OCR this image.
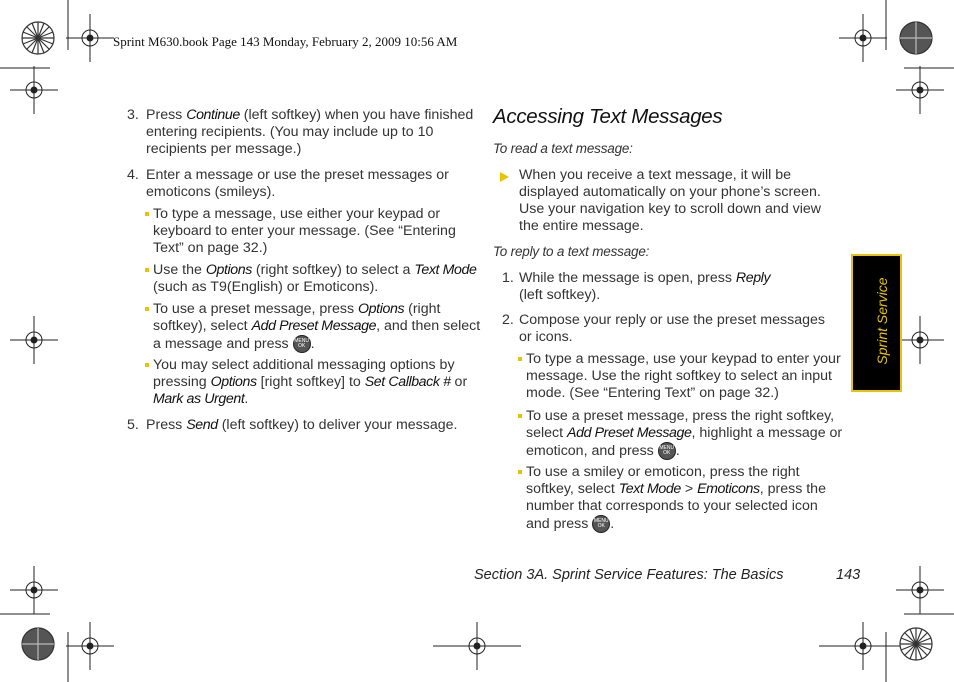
Sprint M630.book Page 143 Monday, February 2, 2009 10:56 AM
3. Press Continue (left softkey) when you have finished
entering recipients. (You may include up to 10
recipients per message.)
4. Enter a message or use the preset messages or
emoticons (smileys).
To type a message, use either your keypad or
keyboard to enter your message. (See “Entering
Text” on page 32.)
Use the Options (right softkey) to select a Text Mode
(such as T9(English) or Emoticons).
To use a preset message, press Options (right
softkey), select Add Preset Message, and then select
a message and press MENU OK .
You may select additional messaging options by
pressing Options [right softkey] to Set Callback # or
Mark as Urgent.
5. Press Send (left softkey) to deliver your message.
Accessing Text Messages
To read a text message:
When you receive a text message, it will be
displayed automatically on your phone’s screen.
Use your navigation key to scroll down and view
the entire message.
To reply to a text message:
1. While the message is open, press Reply
(left softkey).
2. Compose your reply or use the preset messages
or icons.
To type a message, use your keypad to enter your
message. Use the right softkey to select an input
mode. (See “Entering Text” on page 32.)
To use a preset message, press the right softkey,
select Add Preset Message, highlight a message or
emoticon, and press MENU OK .
To use a smiley or emoticon, press the right
softkey, select Text Mode > Emoticons, press the
number that corresponds to your selected icon
and press MENU OK .
Sprint Service
Section 3A. Sprint Service Features: The Basics	143
